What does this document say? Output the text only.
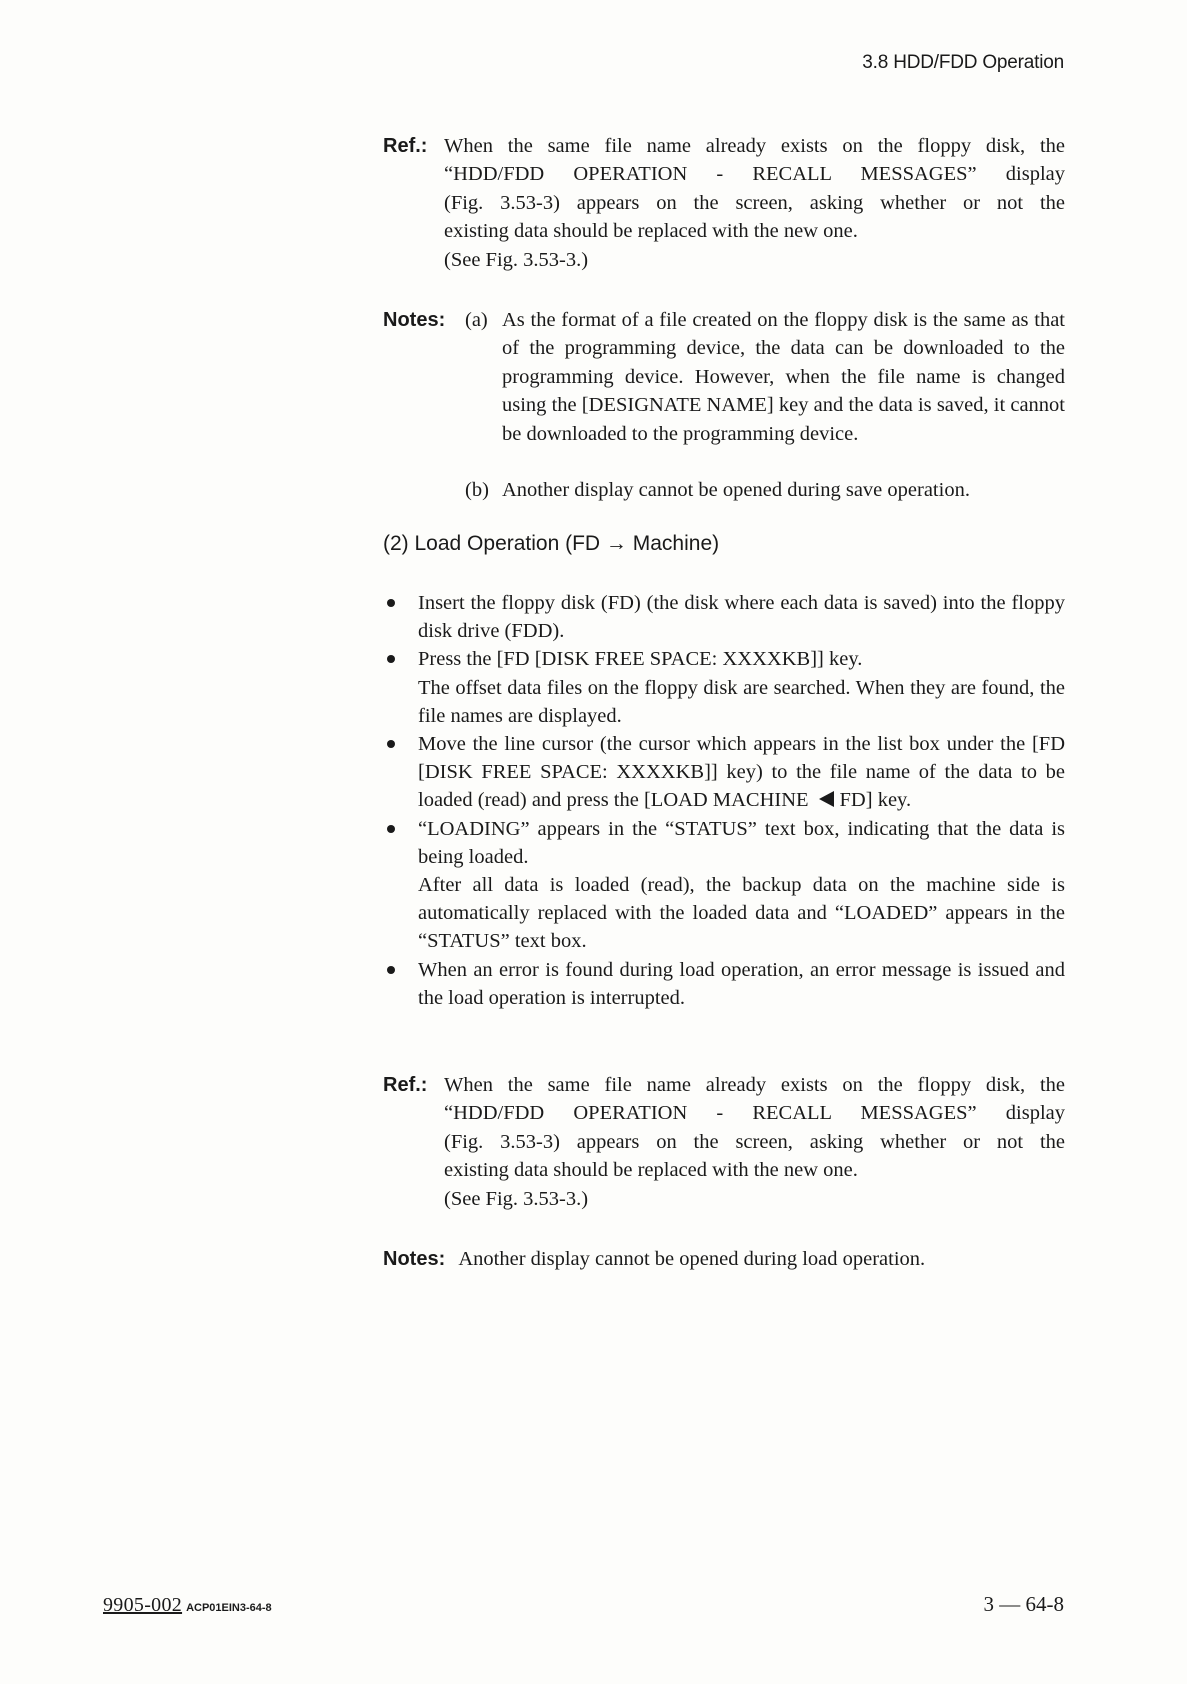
3.8 HDD/FDD Operation
Ref.: When the same file name already exists on the floppy disk, the

“HDD/FDD OPERATION - RECALL MESSAGES” display

(Fig. 3.53-3) appears on the screen, asking whether or not the

existing data should be replaced with the new one.

(See Fig. 3.53-3.)

Notes: (a) As the format of a file created on the floppy disk is the same as that of the programming device, the data can be downloaded to the programming device. However, when the file name is changed using the [DESIGNATE NAME] key and the data is saved, it cannot be downloaded to the programming device.
(b) Another display cannot be opened during save operation.
(2) Load Operation (FD → Machine)

Insert the floppy disk (FD) (the disk where each data is saved) into the floppy disk drive (FDD).

Press the [FD [DISK FREE SPACE: XXXXKB]] key.

The offset data files on the floppy disk are searched. When they are found, the file names are displayed.

Move the line cursor (the cursor which appears in the list box under the [FD [DISK FREE SPACE: XXXXKB]] key) to the file name of the data to be loaded (read) and press the [LOAD MACHINE FD] key.

“LOADING” appears in the “STATUS” text box, indicating that the data is being loaded.

After all data is loaded (read), the backup data on the machine side is automatically replaced with the loaded data and “LOADED” appears in the “STATUS” text box.

When an error is found during load operation, an error message is issued and the load operation is interrupted.

Ref.: When the same file name already exists on the floppy disk, the

“HDD/FDD OPERATION - RECALL MESSAGES” display

(Fig. 3.53-3) appears on the screen, asking whether or not the

existing data should be replaced with the new one.

(See Fig. 3.53-3.)

Notes: Another display cannot be opened during load operation.
9905-002 ACP01EIN3-64-8	3 — 64-8
